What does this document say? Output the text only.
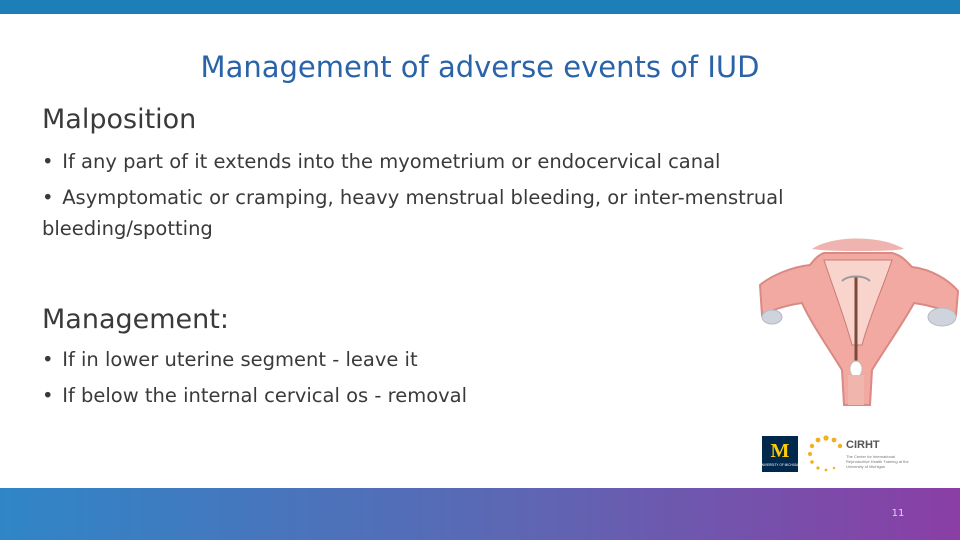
Management of adverse events of IUD
Malposition
• If any part of it extends into the myometrium or endocervical canal
• Asymptomatic or cramping, heavy menstrual bleeding, or inter-menstrual bleeding/spotting
Management:
• If in lower uterine segment - leave it
• If below the internal cervical os - removal
M
UNIVERSITY OF MICHIGAN
CIRHT
The Center for International Reproductive Health Training at the University of Michigan
11
